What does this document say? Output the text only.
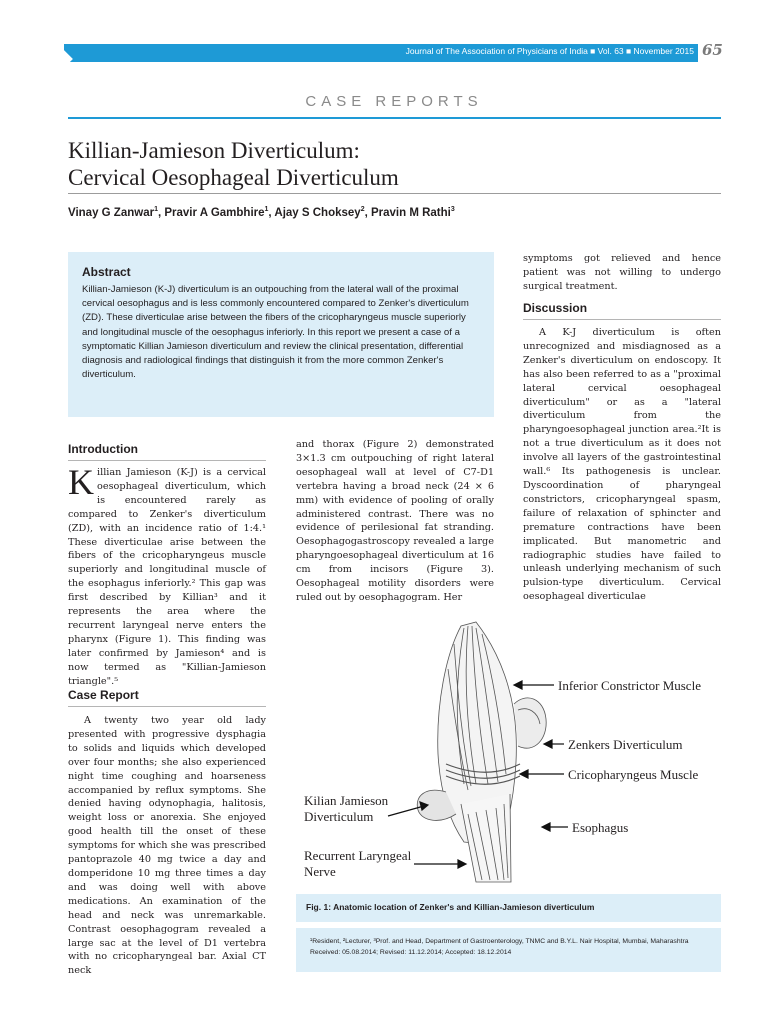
Journal of The Association of Physicians of India ■ Vol. 63 ■ November 2015 65
CASE REPORTS
Killian-Jamieson Diverticulum:
Cervical Oesophageal Diverticulum
Vinay G Zanwar$^1$, Pravir A Gambhire$^1$, Ajay S Choksey$^2$, Pravin M Rathi$^3$
Abstract

Killian-Jamieson (K-J) diverticulum is an outpouching from the lateral wall of the proximal cervical oesophagus and is less commonly encountered compared to Zenker's diverticulum (ZD). These diverticulae arise between the fibers of the cricopharyngeus muscle superiorly and longitudinal muscle of the oesophagus inferiorly. In this report we present a case of a symptomatic Killian Jamieson diverticulum and review the clinical presentation, differential diagnosis and radiological findings that distinguish it from the more common Zenker's diverticulum.

symptoms got relieved and hence patient was not willing to undergo surgical treatment.

Discussion

A K-J diverticulum is often unrecognized and misdiagnosed as a Zenker's diverticulum on endoscopy. It has also been referred to as a "proximal lateral cervical oesophageal diverticulum" or as a "lateral diverticulum from the pharyngoesophageal junction area.²It is not a true diverticulum as it does not involve all layers of the gastrointestinal wall.⁶ Its pathogenesis is unclear. Dyscoordination of pharyngeal constrictors, cricopharyngeal spasm, failure of relaxation of sphincter and premature contractions have been implicated. But manometric and radiographic studies have failed to unleash underlying mechanism of such pulsion-type diverticulum. Cervical oesophageal diverticulae

Introduction

Killian Jamieson (K-J) is a cervical oesophageal diverticulum, which is encountered rarely as compared to Zenker's diverticulum (ZD), with an incidence ratio of 1:4.¹ These diverticulae arise between the fibers of the cricopharyngeus muscle superiorly and longitudinal muscle of the esophagus inferiorly.² This gap was first described by Killian³ and it represents the area where the recurrent laryngeal nerve enters the pharynx (Figure 1). This finding was later confirmed by Jamieson⁴ and is now termed as "Killian-Jamieson triangle".⁵

Case Report

A twenty two year old lady presented with progressive dysphagia to solids and liquids which developed over four months; she also experienced night time coughing and hoarseness accompanied by reflux symptoms. She denied having odynophagia, halitosis, weight loss or anorexia. She enjoyed good health till the onset of these symptoms for which she was prescribed pantoprazole 40 mg twice a day and domperidone 10 mg three times a day and was doing well with above medications. An examination of the head and neck was unremarkable. Contrast oesophagogram revealed a large sac at the level of D1 vertebra with no cricopharyngeal bar. Axial CT neck

and thorax (Figure 2) demonstrated 3×1.3 cm outpouching of right lateral oesophageal wall at level of C7-D1 vertebra having a broad neck (24 × 6 mm) with evidence of pooling of orally administered contrast. There was no evidence of perilesional fat stranding. Oesophagogastroscopy revealed a large pharyngoesophageal diverticulum at 16 cm from incisors (Figure 3). Oesophageal motility disorders were ruled out by oesophagogram. Her

Inferior Constrictor Muscle
Zenkers Diverticulum
Cricopharyngeus Muscle
Kilian Jamieson
Diverticulum
Esophagus
Recurrent Laryngeal
Nerve
Fig. 1: Anatomic location of Zenker's and Killian-Jamieson diverticulum
¹Resident, ²Lecturer, ³Prof. and Head, Department of Gastroenterology, TNMC and B.Y.L. Nair Hospital, Mumbai, Maharashtra
Received: 05.08.2014; Revised: 11.12.2014; Accepted: 18.12.2014
